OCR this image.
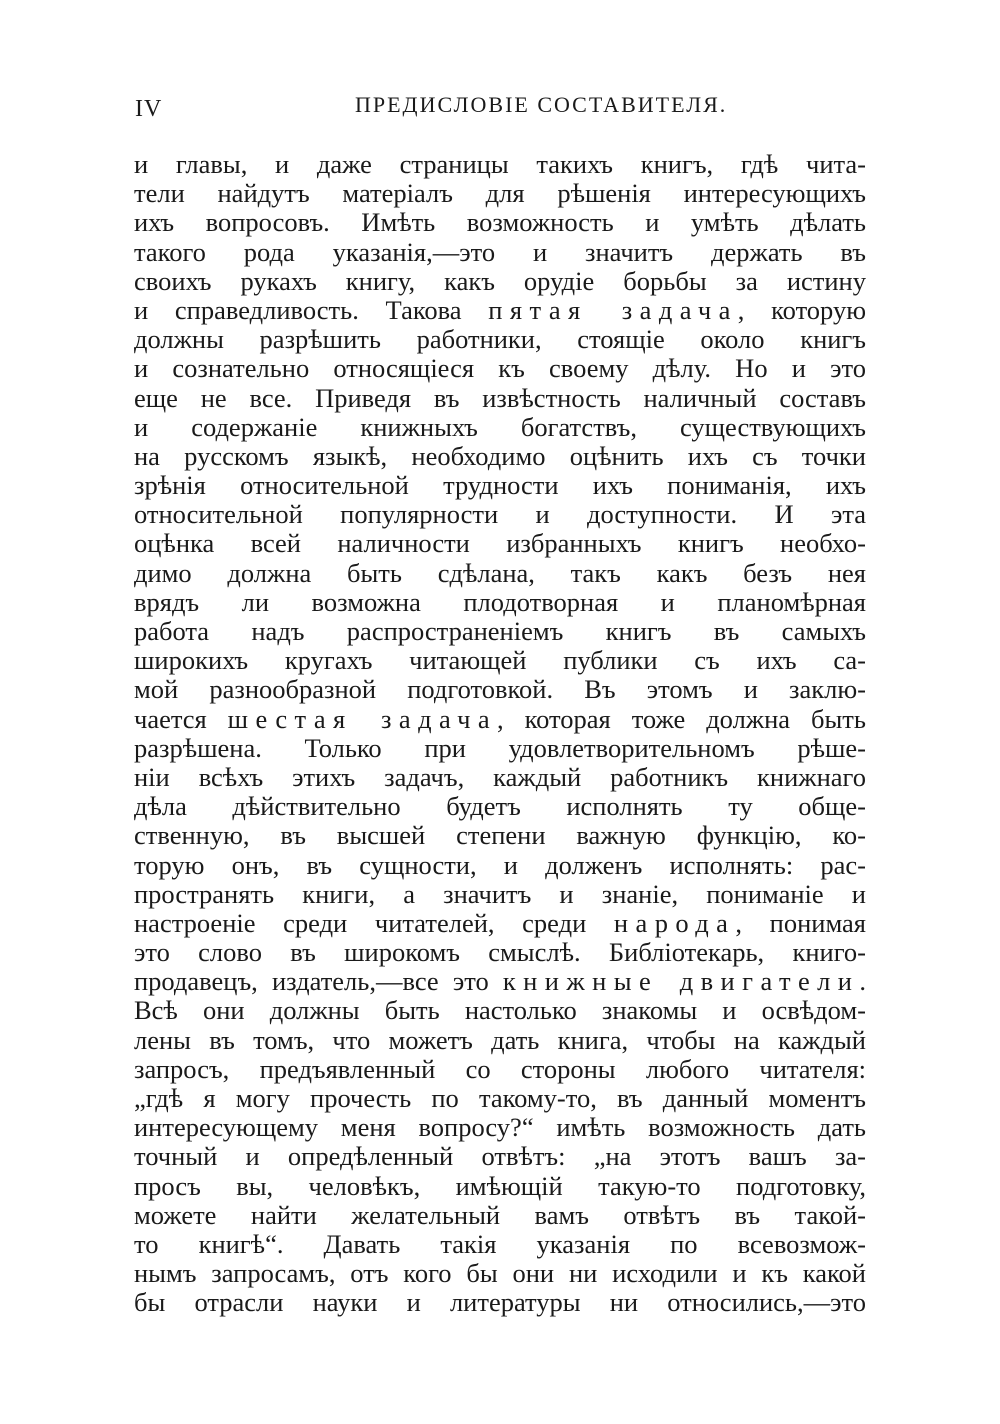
IV	ПРЕДИСЛОВІЕ СОСТАВИТЕЛЯ.
и главы, и даже страницы такихъ книгъ, гдѣ чита-
тели найдутъ матеріалъ для рѣшенія интересующихъ
ихъ вопросовъ. Имѣть возможность и умѣть дѣлать
такого рода указанія,—это и значитъ держать въ
своихъ рукахъ книгу, какъ орудіе борьбы за истину
и справедливость. Такова пятая задача, которую
должны разрѣшить работники, стоящіе около книгъ
и сознательно относящіеся къ своему дѣлу. Но и это
еще не все. Приведя въ извѣстность наличный составъ
и содержаніе книжныхъ богатствъ, существующихъ
на русскомъ языкѣ, необходимо оцѣнить ихъ съ точки
зрѣнія относительной трудности ихъ пониманія, ихъ
относительной популярности и доступности. И эта
оцѣнка всей наличности избранныхъ книгъ необхо-
димо должна быть сдѣлана, такъ какъ безъ нея
врядъ ли возможна плодотворная и планомѣрная
работа надъ распространеніемъ книгъ въ самыхъ
широкихъ кругахъ читающей публики съ ихъ са-
мой разнообразной подготовкой. Въ этомъ и заклю-
чается шестая задача, которая тоже должна быть
разрѣшена. Только при удовлетворительномъ рѣше-
ніи всѣхъ этихъ задачъ, каждый работникъ книжнаго
дѣла дѣйствительно будетъ исполнять ту обще-
ственную, въ высшей степени важную функцію, ко-
торую онъ, въ сущности, и долженъ исполнять: рас-
пространять книги, а значитъ и знаніе, пониманіе и
настроеніе среди читателей, среди народа, понимая
это слово въ широкомъ смыслѣ. Библіотекарь, книго-
продавецъ, издатель,—все это книжные двигатели.
Всѣ они должны быть настолько знакомы и освѣдом-
лены въ томъ, что можетъ дать книга, чтобы на каждый
запросъ, предъявленный со стороны любого читателя:
„гдѣ я могу прочесть по такому-то, въ данный моментъ
интересующему меня вопросу?“ имѣть возможность дать
точный и опредѣленный отвѣтъ: „на этотъ вашъ за-
просъ вы, человѣкъ, имѣющій такую-то подготовку,
можете найти желательный вамъ отвѣтъ въ такой-
то книгѣ“. Давать такія указанія по всевозмож-
нымъ запросамъ, отъ кого бы они ни исходили и къ какой
бы отрасли науки и литературы ни относились,—это
